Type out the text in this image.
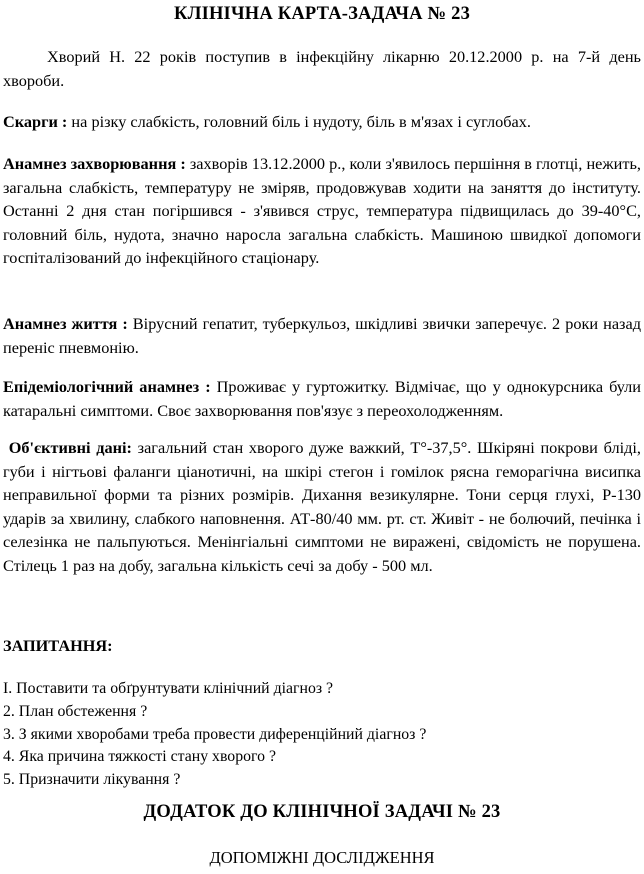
КЛІНІЧНА КАРТА-ЗАДАЧА № 23

Хворий Н. 22 років поступив в інфекційну лікарню 20.12.2000 р. на 7-й день хвороби.

Скарги : на різку слабкість, головний біль і нудоту, біль в м'язах і суглобах.

Анамнез захворювання : захворів 13.12.2000 р., коли з'явилось першіння в глотці, нежить, загальна слабкість, температуру не зміряв, продовжував ходити на заняття до інституту. Останні 2 дня стан погіршився - з'явився струс, температура підвищилась до 39-40°С, головний біль, нудота, значно наросла загальна слабкість. Машиною швидкої допомоги госпіталізований до інфекційного стаціонару.

Анамнез життя : Вірусний гепатит, туберкульоз, шкідливі звички заперечує. 2 роки назад переніс пневмонію.

Епідеміологічний анамнез : Проживає у гуртожитку. Відмічає, що у однокурсника були катаральні симптоми. Своє захворювання пов'язує з переохолодженням.

Об'єктивні дані: загальний стан хворого дуже важкий, Т°-37,5°. Шкіряні покрови бліді, губи і нігтьові фаланги ціанотичні, на шкірі стегон і гомілок рясна геморагічна висипка неправильної форми та різних розмірів. Дихання везикулярне. Тони серця глухі, Р-130 ударів за хвилину, слабкого наповнення. АТ-80/40 мм. рт. ст. Живіт - не болючий, печінка і селезінка не пальпуються. Менінгіальні симптоми не виражені, свідомість не порушена. Стілець 1 раз на добу, загальна кількість сечі за добу - 500 мл.

ЗАПИТАННЯ:

І. Поставити та обґрунтувати клінічний діагноз ?
2. План обстеження ?
3. З якими хворобами треба провести диференційний діагноз ?
4. Яка причина тяжкості стану хворого ?
5. Призначити лікування ?
ДОДАТОК ДО КЛІНІЧНОЇ ЗАДАЧІ № 23

ДОПОМІЖНІ ДОСЛІДЖЕННЯ
